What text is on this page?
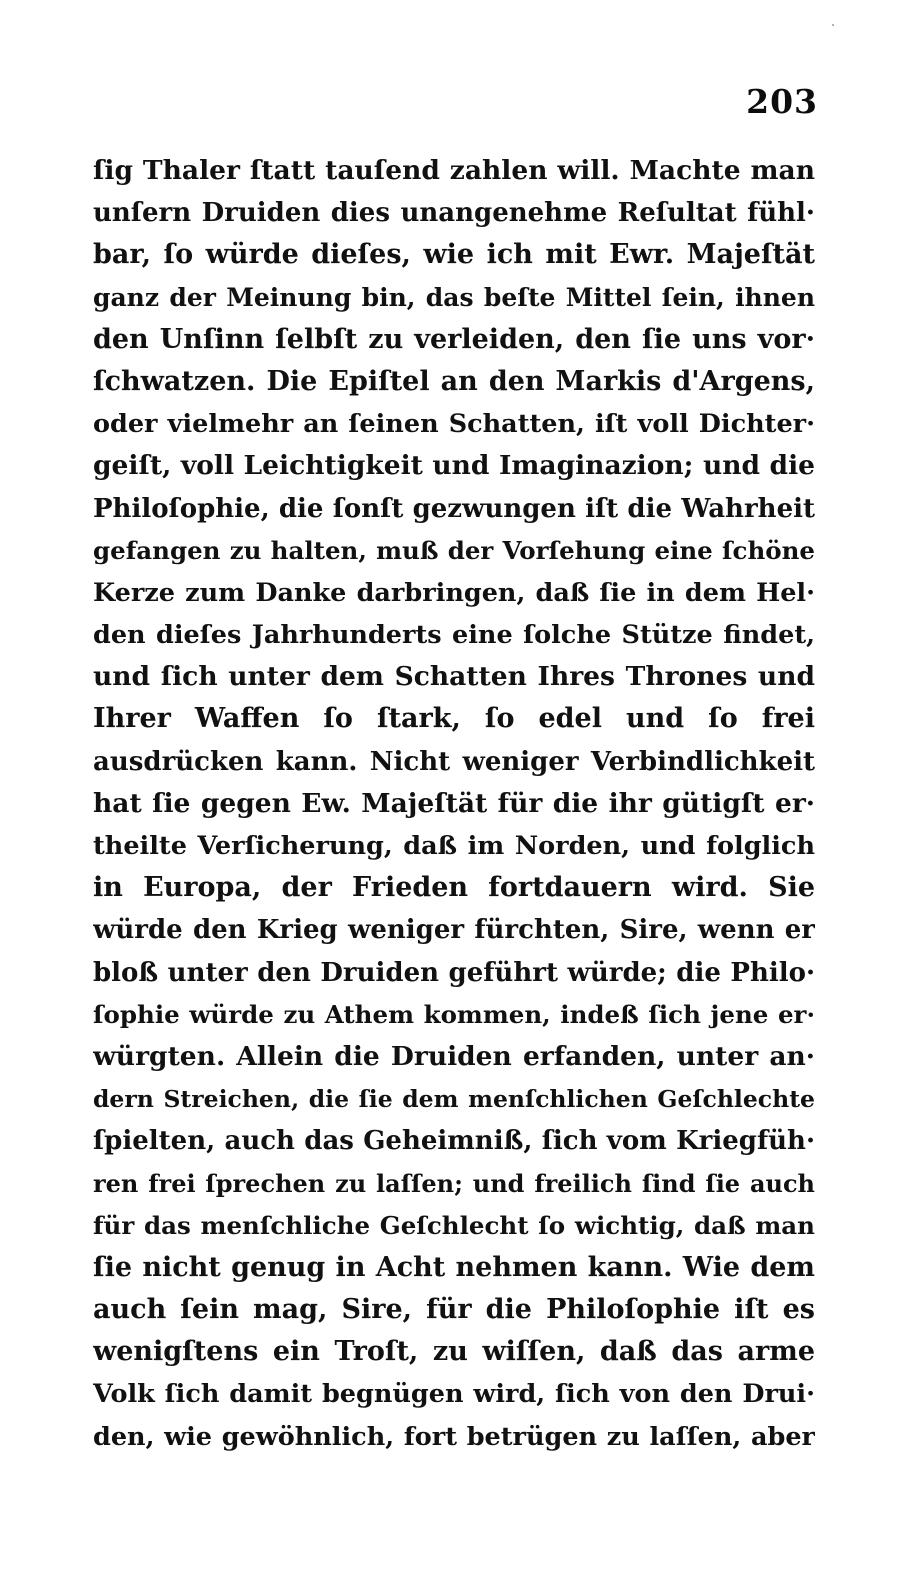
203
ſig Thaler ſtatt tauſend zahlen will. Machte man
unſern Druiden dies unangenehme Reſultat fühl·
bar, ſo würde dieſes, wie ich mit Ewr. Majeſtät
ganz der Meinung bin, das beſte Mittel ſein, ihnen
den Unſinn ſelbſt zu verleiden, den ſie uns vor·
ſchwatzen. Die Epiſtel an den Markis d'Argens,
oder vielmehr an ſeinen Schatten, iſt voll Dichter·
geiſt, voll Leichtigkeit und Imaginazion; und die
Philoſophie, die ſonſt gezwungen iſt die Wahrheit
gefangen zu halten, muß der Vorſehung eine ſchöne
Kerze zum Danke darbringen, daß ſie in dem Hel·
den dieſes Jahrhunderts eine ſolche Stütze findet,
und ſich unter dem Schatten Ihres Thrones und
Ihrer Waffen ſo ſtark, ſo edel und ſo frei
ausdrücken kann. Nicht weniger Verbindlichkeit
hat ſie gegen Ew. Majeſtät für die ihr gütigſt er·
theilte Verſicherung, daß im Norden, und folglich
in Europa, der Frieden fortdauern wird. Sie
würde den Krieg weniger fürchten, Sire, wenn er
bloß unter den Druiden geführt würde; die Philo·
ſophie würde zu Athem kommen, indeß ſich jene er·
würgten. Allein die Druiden erfanden, unter an·
dern Streichen, die ſie dem menſchlichen Geſchlechte
ſpielten, auch das Geheimniß, ſich vom Kriegfüh·
ren frei ſprechen zu laſſen; und freilich ſind ſie auch
für das menſchliche Geſchlecht ſo wichtig, daß man
ſie nicht genug in Acht nehmen kann. Wie dem
auch ſein mag, Sire, für die Philoſophie iſt es
wenigſtens ein Troſt, zu wiſſen, daß das arme
Volk ſich damit begnügen wird, ſich von den Drui·
den, wie gewöhnlich, fort betrügen zu laſſen, aber
